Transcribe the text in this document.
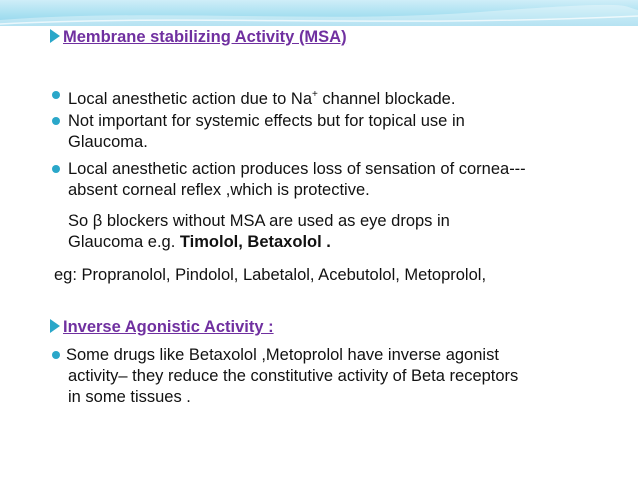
Membrane stabilizing Activity (MSA)
Local anesthetic action due to Na+ channel blockade.
Not important for systemic effects but for topical use in
Glaucoma.
Local anesthetic action produces loss of sensation of cornea---
absent corneal reflex ,which is protective.
So β blockers without MSA are used as eye drops in
Glaucoma e.g. Timolol, Betaxolol .
eg: Propranolol, Pindolol, Labetalol, Acebutolol, Metoprolol,
Inverse Agonistic Activity :
Some drugs like Betaxolol ,Metoprolol have inverse agonist
activity– they reduce the constitutive activity of Beta receptors
in some tissues .
